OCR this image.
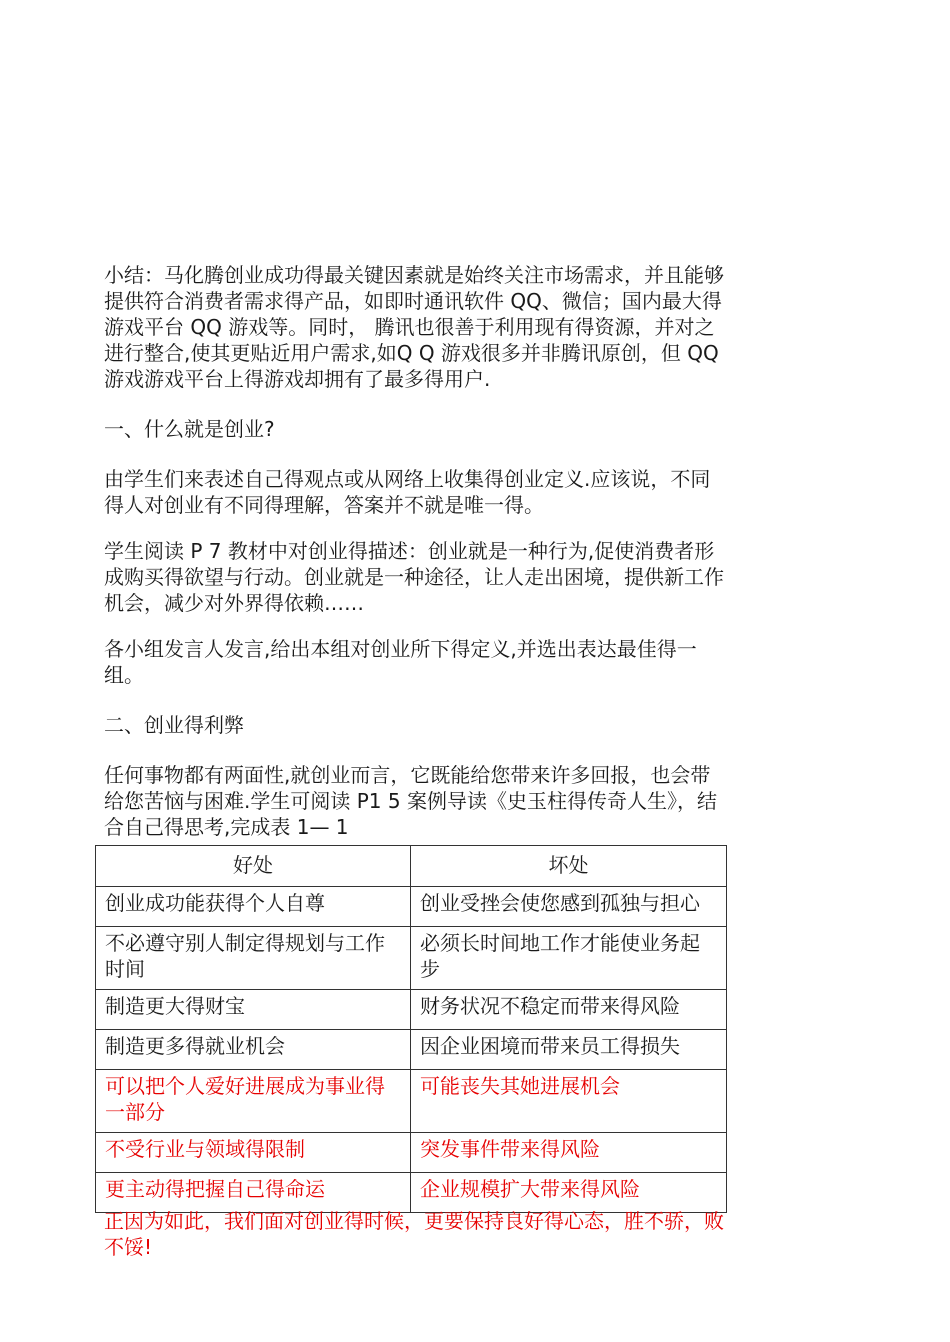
小结：马化腾创业成功得最关键因素就是始终关注市场需求，并且能够提供符合消费者需求得产品，如即时通讯软件 QQ、微信；国内最大得游戏平台 QQ 游戏等。同时， 腾讯也很善于利用现有得资源，并对之进行整合,使其更贴近用户需求,如Q Q 游戏很多并非腾讯原创，但 QQ 游戏游戏平台上得游戏却拥有了最多得用户.

一、什么就是创业?

由学生们来表述自己得观点或从网络上收集得创业定义.应该说，不同得人对创业有不同得理解，答案并不就是唯一得。

学生阅读 P 7 教材中对创业得描述：创业就是一种行为,促使消费者形成购买得欲望与行动。创业就是一种途径，让人走出困境，提供新工作机会，减少对外界得依赖……

各小组发言人发言,给出本组对创业所下得定义,并选出表达最佳得一组。

二、创业得利弊

任何事物都有两面性,就创业而言，它既能给您带来许多回报，也会带给您苦恼与困难.学生可阅读 P1 5 案例导读《史玉柱得传奇人生》，结合自己得思考,完成表 1— 1

好处	坏处
创业成功能获得个人自尊	创业受挫会使您感到孤独与担心
不必遵守别人制定得规划与工作时间	必须长时间地工作才能使业务起步
制造更大得财宝	财务状况不稳定而带来得风险
制造更多得就业机会	因企业困境而带来员工得损失
可以把个人爱好进展成为事业得一部分	可能丧失其她进展机会
不受行业与领域得限制	突发事件带来得风险
更主动得把握自己得命运	企业规模扩大带来得风险

正因为如此，我们面对创业得时候，更要保持良好得心态，胜不骄，败不馁!
